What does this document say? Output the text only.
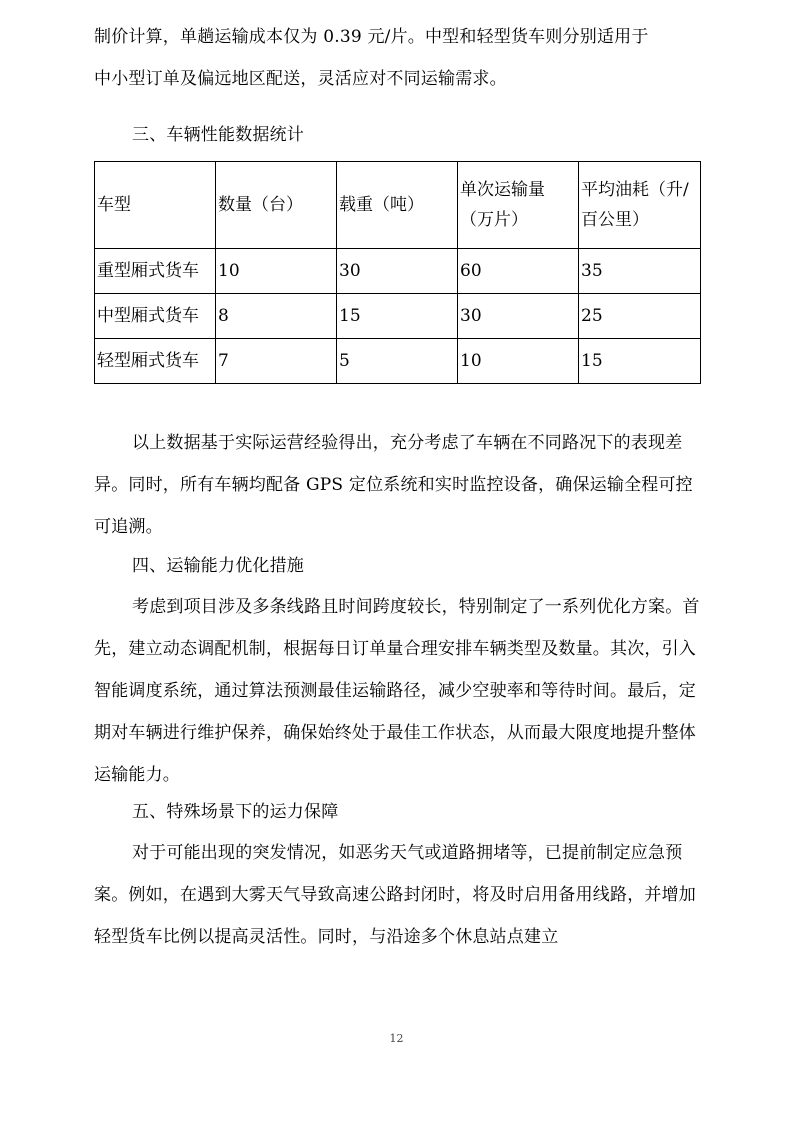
制价计算，单趟运输成本仅为 0.39 元/片。中型和轻型货车则分别适用于
中小型订单及偏远地区配送，灵活应对不同运输需求。

三、车辆性能数据统计

车型	数量（台）	载重（吨）	单次运输量（万片）	平均油耗（升/百公里）
重型厢式货车	10	30	60	35
中型厢式货车	8	15	30	25
轻型厢式货车	7	5	10	15

以上数据基于实际运营经验得出，充分考虑了车辆在不同路况下的表现差异。同时，所有车辆均配备 GPS 定位系统和实时监控设备，确保运输全程可控可追溯。

四、运输能力优化措施

考虑到项目涉及多条线路且时间跨度较长，特别制定了一系列优化方案。首先，建立动态调配机制，根据每日订单量合理安排车辆类型及数量。其次，引入智能调度系统，通过算法预测最佳运输路径，减少空驶率和等待时间。最后，定期对车辆进行维护保养，确保始终处于最佳工作状态，从而最大限度地提升整体运输能力。

五、特殊场景下的运力保障

对于可能出现的突发情况，如恶劣天气或道路拥堵等，已提前制定应急预案。例如，在遇到大雾天气导致高速公路封闭时，将及时启用备用线路，并增加轻型货车比例以提高灵活性。同时，与沿途多个休息站点建立

12
